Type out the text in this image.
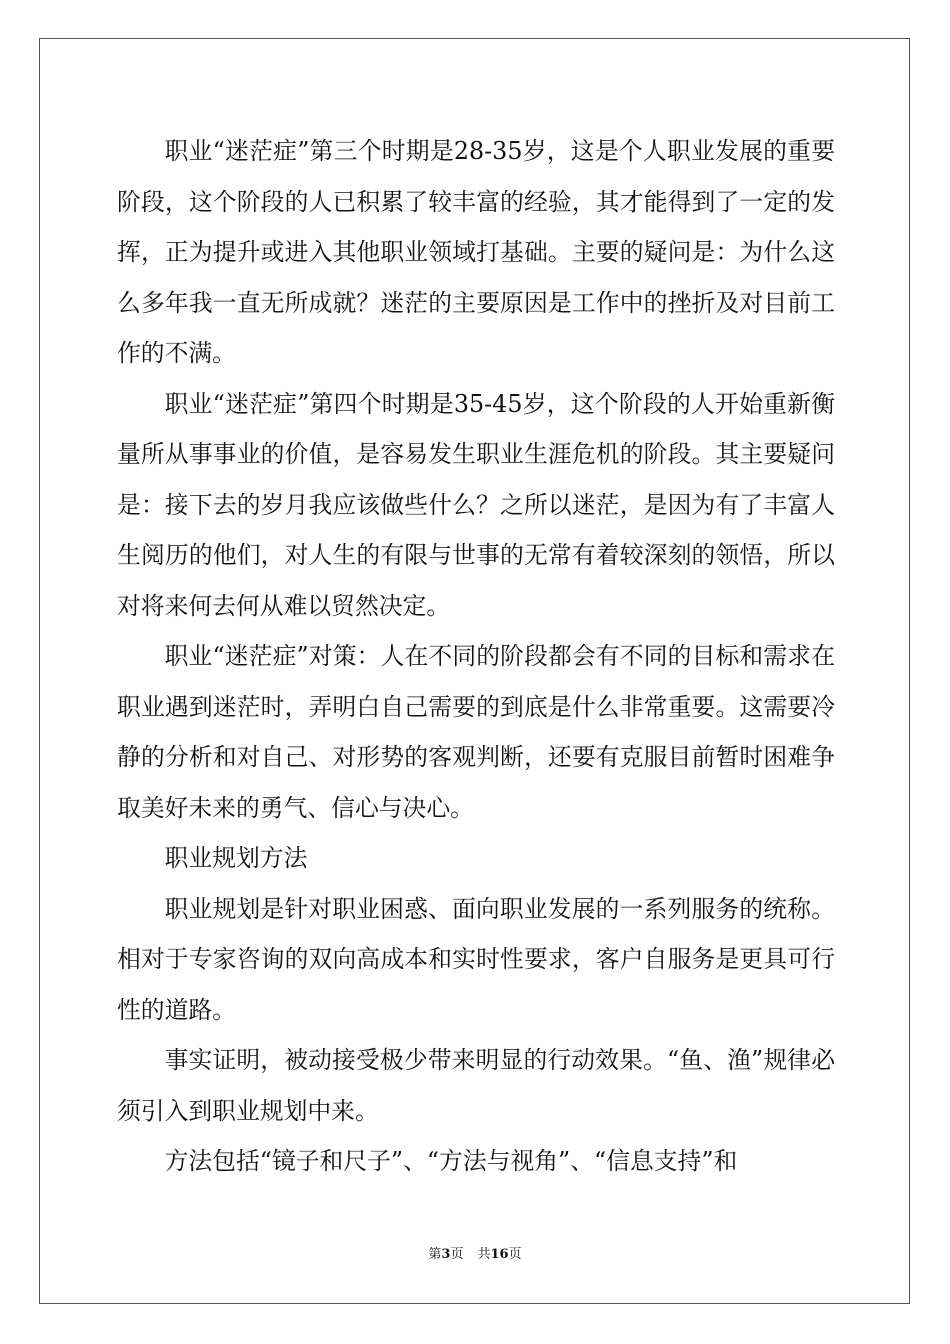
职业“迷茫症”第三个时期是28-35岁，这是个人职业发展的重要阶段，这个阶段的人已积累了较丰富的经验，其才能得到了一定的发挥，正为提升或进入其他职业领域打基础。主要的疑问是：为什么这么多年我一直无所成就？迷茫的主要原因是工作中的挫折及对目前工作的不满。

职业“迷茫症”第四个时期是35-45岁，这个阶段的人开始重新衡量所从事事业的价值，是容易发生职业生涯危机的阶段。其主要疑问是：接下去的岁月我应该做些什么？之所以迷茫，是因为有了丰富人生阅历的他们，对人生的有限与世事的无常有着较深刻的领悟，所以对将来何去何从难以贸然决定。

职业“迷茫症”对策：人在不同的阶段都会有不同的目标和需求在职业遇到迷茫时，弄明白自己需要的到底是什么非常重要。这需要冷静的分析和对自己、对形势的客观判断，还要有克服目前暂时困难争取美好未来的勇气、信心与决心。

职业规划方法

职业规划是针对职业困惑、面向职业发展的一系列服务的统称。相对于专家咨询的双向高成本和实时性要求，客户自服务是更具可行性的道路。

事实证明，被动接受极少带来明显的行动效果。“鱼、渔”规律必须引入到职业规划中来。

方法包括“镜子和尺子”、“方法与视角”、“信息支持”和

第3页 共16页
